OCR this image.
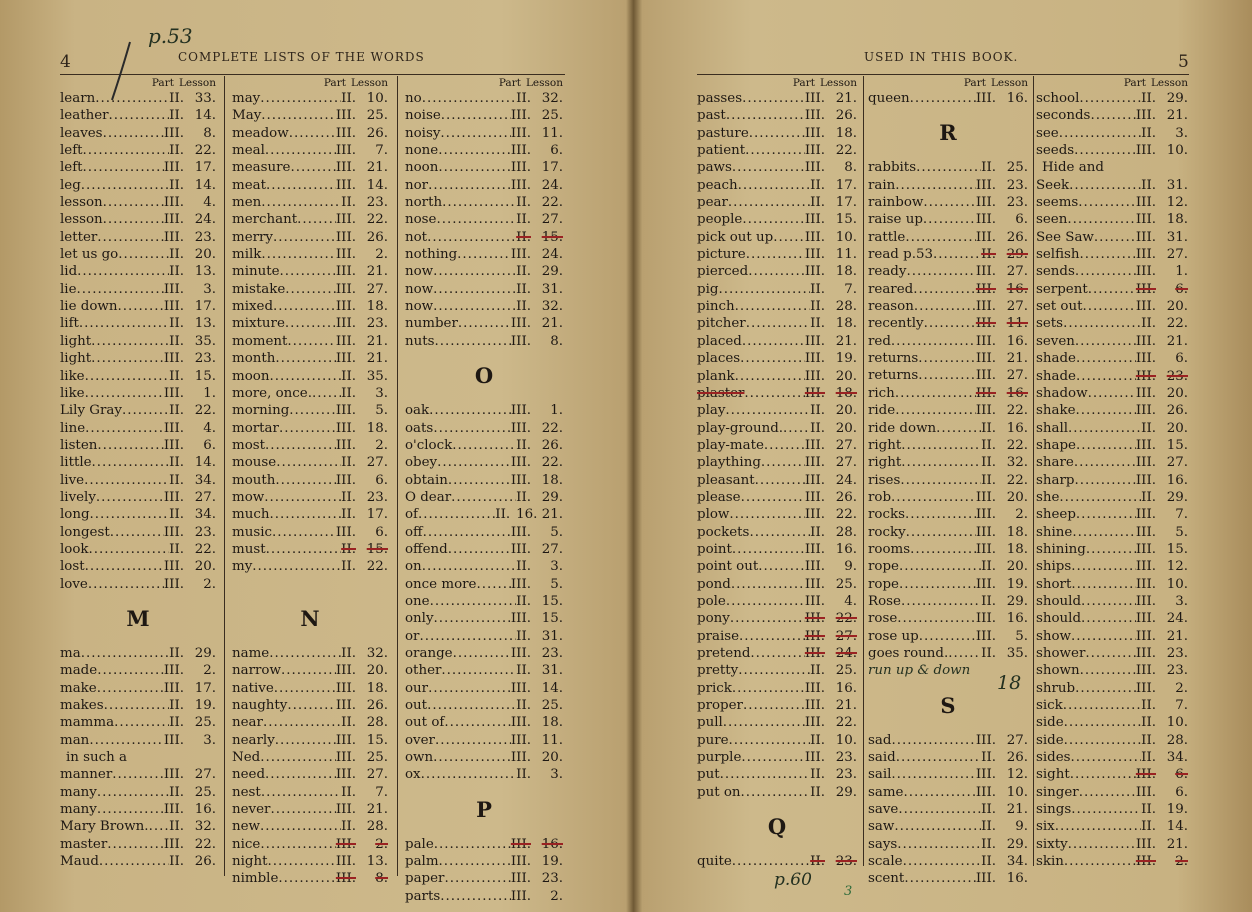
4	COMPLETE LISTS OF THE WORDS
Part Lesson
learn .....	II. 33.
leather .....	II. 14.
leaves .....	III.	8.
left .....	II. 22.
left .....	III. 17.
leg .....	II. 14.
lesson .....	III.	4.
lesson .....	III. 24.
letter .....	III. 23.
let us go .....	II. 20.
lid .....	II. 13.
lie .....	III.	3.
lie down .....	III. 17.
lift .....	II. 13.
light .....	II. 35.
light .....	III. 23.
like .....	II. 15.
like .....	III.	1.
Lily Gray .....	II. 22.
line .....	III.	4.
listen .....	III.	6.
little .....	II. 14.
live .....	II. 34.
lively .....	III. 27.
long .....	II. 34.
longest .....	III. 23.
look .....	II. 22.
lost .....	III. 20.
love .....	III.	2.
M
ma .....	II. 29.
made .....	III.	2.
make .....	III. 17.
makes .....	II. 19.
mamma .....	II. 25.
man .....	III.	3.
in such a
manner .....	III. 27.
many .....	II. 25.
many .....	III. 16.
Mary Brown. ..... II. 32.
master .....	III. 22.
Maud .....	II. 26.
Part Lesson
may .....	II. 10.
May .....	III. 25.
meadow .....	III. 26.
meal .....	III.	7.
measure .....	III. 21.
meat .....	III. 14.
men .....	II. 23.
merchant .....	III. 22.
merry .....	III. 26.
milk .....	III.	2.
minute .....	III. 21.
mistake .....	III. 27.
mixed .....	III. 18.
mixture .....	III. 23.
moment .....	III. 21.
month .....	III. 21.
moon .....	II. 35.
more, once. ..... II.	3.
morning .....	III.	5.
mortar .....	III. 18.
most .....	III.	2.
mouse .....	II. 27.
mouth .....	III.	6.
mow .....	II. 23.
much .....	II. 17.
music .....	III.	6.
must .....	II. 15.
my .....	II. 22.
N
name .....	II. 32.
narrow .....	III. 20.
native .....	III. 18.
naughty .....	III. 26.
near .....	II. 28.
nearly .....	III. 15.
Ned .....	III. 25.
need .....	III. 27.
nest .....	II.	7.
never .....	III. 21.
new .....	II. 28.
nice .....	III.	2.
night .....	III. 13.
nimble .....	III.	8.
Part Lesson
no .....	II. 32.
noise .....	III. 25.
noisy .....	III. 11.
none .....	III.	6.
noon .....	III. 17.
nor .....	III. 24.
north .....	II. 22.
nose .....	II. 27.
not .....	II. 15.
nothing .....	III. 24.
now .....	II. 29.
now .....	II. 31.
now .....	II. 32.
number .....	III. 21.
nuts .....	III.	8.
O
oak .....	III.	1.
oats .....	III. 22.
o'clock .....	II. 26.
obey .....	III. 22.
obtain .....	III. 18.
O dear .....	II. 29.
of .....	II. 16. 21.
off .....	III.	5.
offend .....	III. 27.
on .....	II.	3.
once more .....	III.	5.
one .....	II. 15.
only .....	III. 15.
or .....	II. 31.
orange .....	III. 23.
other .....	II. 31.
our .....	III. 14.
out .....	II. 25.
out of .....	III. 18.
over .....	III. 11.
own .....	III. 20.
ox .....	II.	3.
P
pale .....	III. 16.
palm .....	III. 19.
paper .....	III. 23.
parts .....	III.	2.
p.53
5
USED IN THIS BOOK.
Part Lesson
passes .....	III. 21.
past .....	III. 26.
pasture .....	III. 18.
patient .....	III. 22.
paws .....	III.	8.
peach .....	II. 17.
pear .....	II. 17.
people .....	III. 15.
pick out up ..... III. 10.
picture .....	III. 11.
pierced .....	III. 18.
pig .....	II.	7.
pinch .....	II. 28.
pitcher .....	II. 18.
placed .....	III. 21.
places .....	III. 19.
plank .....	III. 20.
plaster .....	III. 18.
play .....	II. 20.
play-ground. ..... II. 20.
play-mate .....	III. 27.
plaything .....	III. 27.
pleasant .....	III. 24.
please .....	III. 26.
plow .....	III. 22.
pockets .....	II. 28.
point .....	III. 16.
point out .....	III.	9.
pond .....	III. 25.
pole .....	III.	4.
pony .....	III. 22.
praise .....	III. 27.
pretend .....	III. 24.
pretty .....	II. 25.
prick .....	III. 16.
proper .....	III. 21.
pull .....	III. 22.
pure .....	II. 10.
purple .....	III. 23.
put .....	II. 23.
put on .....	II. 29.
Q
quite .....	II. 23.
Part Lesson
queen .....	III. 16.
R
rabbits .....	II. 25.
rain .....	III. 23.
rainbow .....	III. 23.
raise up .....	III.	6.
rattle .....	III. 26.
read p.53 .....	II. 29.
ready .....	III. 27.
reared .....	III. 16.
reason .....	III. 27.
recently .....	III. 11.
red .....	III. 16.
returns .....	III. 21.
returns .....	III. 27.
rich .....	III. 16.
ride .....	III. 22.
ride down .....	II. 16.
right .....	II. 22.
right .....	II. 32.
rises .....	II. 22.
rob .....	III. 20.
rocks .....	III.	2.
rocky .....	III. 18.
rooms .....	III. 18.
rope .....	II. 20.
rope .....	III. 19.
Rose .....	II. 29.
rose .....	III. 16.
rose up .....	III.	5.
goes round. ..... II. 35.
run up & down
S
sad .....	III. 27.
said .....	II. 26.
sail .....	III. 12.
same .....	III. 10.
save .....	II. 21.
saw .....	II.	9.
says .....	II. 29.
scale .....	II. 34.
scent .....	III. 16.
Part Lesson
school .....	II. 29.
seconds .....	III. 21.
see .....	II.	3.
seeds .....	III. 10.
Hide and
Seek .....	II. 31.
seems .....	III. 12.
seen .....	III. 18.
See Saw .....	III. 31.
selfish .....	III. 27.
sends .....	III.	1.
serpent .....	III.	6.
set out .....	III. 20.
sets .....	II. 22.
seven .....	III. 21.
shade .....	III.	6.
shade .....	III. 23.
shadow .....	III. 20.
shake .....	III. 26.
shall .....	II. 20.
shape .....	III. 15.
share .....	III. 27.
sharp .....	III. 16.
she .....	II. 29.
sheep .....	III.	7.
shine .....	III.	5.
shining .....	III. 15.
ships .....	III. 12.
short .....	III. 10.
should .....	III.	3.
should .....	III. 24.
show .....	III. 21.
shower .....	III. 23.
shown .....	III. 23.
shrub .....	III.	2.
sick .....	II.	7.
side .....	II. 10.
side .....	II. 28.
sides .....	II. 34.
sight .....	III.	6.
singer .....	III.	6.
sings .....	II. 19.
six .....	II. 14.
sixty .....	III. 21.
skin .....	III.	2.
18
p.60
3
